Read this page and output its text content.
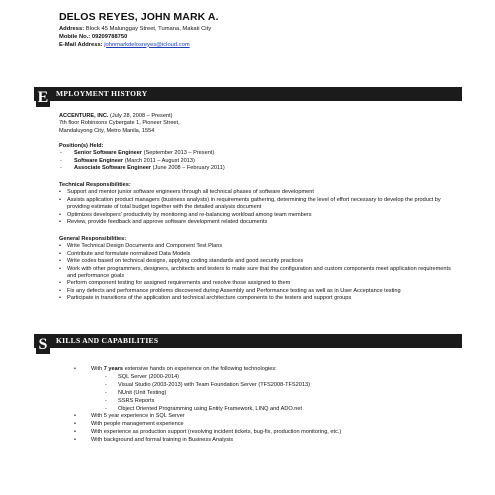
DELOS REYES, JOHN MARK A.
Address: Block 45 Malunggay Street, Tumana, Makati City
Mobile No.: 09209788750
E-Mail Address: johnmarkdelosreyes@icloud.com
E MPLOYMENT HISTORY

ACCENTURE, INC. (July 28, 2008 – Present)

7th floor Robinsons Cybergate 1, Pioneer Street,

Mandaluyong City, Metro Manila, 1554

Position(s) Held:

- Senior Software Engineer (September 2013 – Present)
- Software Engineer (March 2011 – August 2013)
- Associate Software Engineer (June 2008 – February 2011)

Technical Responsibilities:

• Support and mentor junior software engineers through all technical phases of software development
• Assists application product managers (business analysts) in requirements gathering, determining the level of effort necessary to develop the product by providing estimate of total budget together with the detailed analysis document
• Optimizes developers' productivity by monitoring and re-balancing workload among team members
• Review, provide feedback and approve software development related documents

General Responsibilities:

• Write Technical Design Documents and Component Test Plans
• Contribute and formulate normalized Data Models
• Write codes based on technical designs, applying coding standards and good security practices
• Work with other programmers, designers, architects and testers to make sure that the configuration and custom components meet application requirements and performance goals
• Perform component testing for assigned requirements and resolve those assigned to them
• Fix any defects and performance problems discovered during Assembly and Performance testing as well as in User Acceptance testing
• Participate in transitions of the application and technical architecture components to the testers and support groups
S	KILLS AND CAPABILITIES
• With 7 years extensive hands on experience on the following technologies:
- SQL Server (2000-2014)
- Visual Studio (2003-2013) with Team Foundation Server (TFS2008-TFS2013)
- NUnit (Unit Testing)
- SSRS Reports
- Object Oriented Programming using Entity Framework, LINQ and ADO.net
• With 5 year experience in SQL Server
• With people management experience
• With experience as production support (resolving incident tickets, bug-fix, production monitoring, etc.)
• With background and formal training in Business Analysis
